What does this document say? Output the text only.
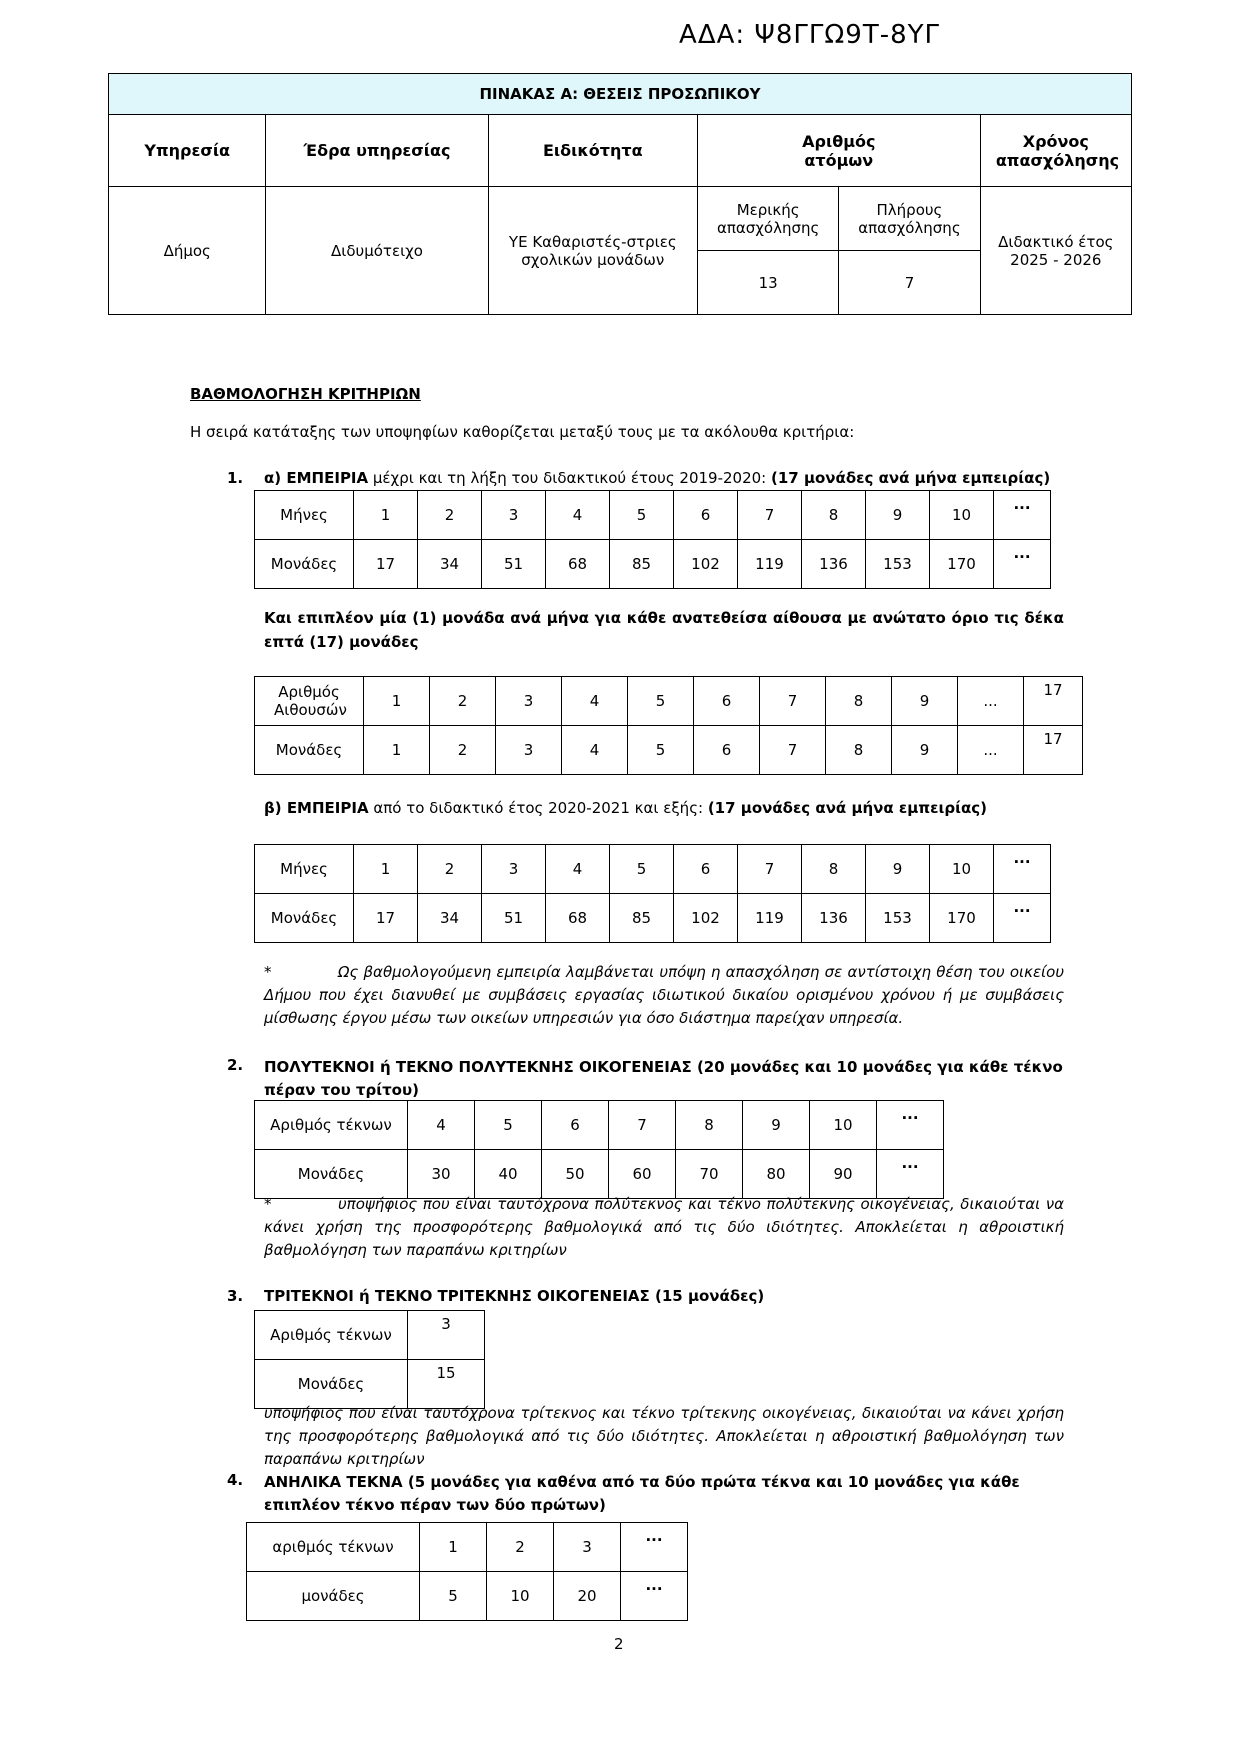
ΑΔΑ: Ψ8ΓΓΩ9Τ-8ΥΓ
ΠΙΝΑΚΑΣ Α: ΘΕΣΕΙΣ ΠΡΟΣΩΠΙΚΟΥ					
Υπηρεσία	Έδρα υπηρεσίας	Ειδικότητα	Αριθμός ατόμων		Χρόνος απασχόλησης

Δήμος	Διδυμότειχο	ΥΕ Καθαριστές-στριες σχολικών μονάδων	Μερικής απασχόλησης	Πλήρους απασχόλησης	Διδακτικό έτος 2025 - 2026

			13	7	
ΒΑΘΜΟΛΟΓΗΣΗ ΚΡΙΤΗΡΙΩΝ
Η σειρά κατάταξης των υποψηφίων καθορίζεται μεταξύ τους με τα ακόλουθα κριτήρια:
1. α) ΕΜΠΕΙΡΙΑ μέχρι και τη λήξη του διδακτικού έτους 2019-2020: (17 μονάδες ανά μήνα εμπειρίας)
Μήνες	1	2	3	4	5	6	7	8	9	10	...
Μονάδες	17	34	51	68	85	102	119	136	153	170	...
Και επιπλέον μία (1) μονάδα ανά μήνα για κάθε ανατεθείσα αίθουσα με ανώτατο όριο τις δέκα επτά (17) μονάδες
Αριθμός Αιθουσών	1	2	3	4	5	6	7	8	9	...	17
Μονάδες	1	2	3	4	5	6	7	8	9	...	17
β) ΕΜΠΕΙΡΙΑ από το διδακτικό έτος 2020-2021 και εξής: (17 μονάδες ανά μήνα εμπειρίας)
Μήνες	1	2	3	4	5	6	7	8	9	10	...
Μονάδες	17	34	51	68	85	102	119	136	153	170	...
*	Ως βαθμολογούμενη εμπειρία λαμβάνεται υπόψη η απασχόληση σε αντίστοιχη θέση του οικείου Δήμου που έχει διανυθεί με συμβάσεις εργασίας ιδιωτικού δικαίου ορισμένου χρόνου ή με συμβάσεις μίσθωσης έργου μέσω των οικείων υπηρεσιών για όσο διάστημα παρείχαν υπηρεσία.
2. ΠΟΛΥΤΕΚΝΟΙ ή ΤΕΚΝΟ ΠΟΛΥΤΕΚΝΗΣ ΟΙΚΟΓΕΝΕΙΑΣ (20 μονάδες και 10 μονάδες για κάθε τέκνο πέραν του τρίτου)
Αριθμός τέκνων	4	5	6	7	8	9	10	...
Μονάδες	30	40	50	60	70	80	90	...
*	υποψήφιος που είναι ταυτόχρονα πολύτεκνος και τέκνο πολύτεκνης οικογένειας, δικαιούται να κάνει χρήση της προσφορότερης βαθμολογικά από τις δύο ιδιότητες. Αποκλείεται η αθροιστική βαθμολόγηση των παραπάνω κριτηρίων
3. ΤΡΙΤΕΚΝΟΙ ή ΤΕΚΝΟ ΤΡΙΤΕΚΝΗΣ ΟΙΚΟΓΕΝΕΙΑΣ (15 μονάδες)
Αριθμός τέκνων	3
Μονάδες	15
υποψήφιος που είναι ταυτόχρονα τρίτεκνος και τέκνο τρίτεκνης οικογένειας, δικαιούται να κάνει χρήση της προσφορότερης βαθμολογικά από τις δύο ιδιότητες. Αποκλείεται η αθροιστική βαθμολόγηση των παραπάνω κριτηρίων
4. ΑΝΗΛΙΚΑ ΤΕΚΝΑ (5 μονάδες για καθένα από τα δύο πρώτα τέκνα και 10 μονάδες για κάθε επιπλέον τέκνο πέραν των δύο πρώτων)
αριθμός τέκνων	1	2	3	...
μονάδες	5	10	20	...
2
